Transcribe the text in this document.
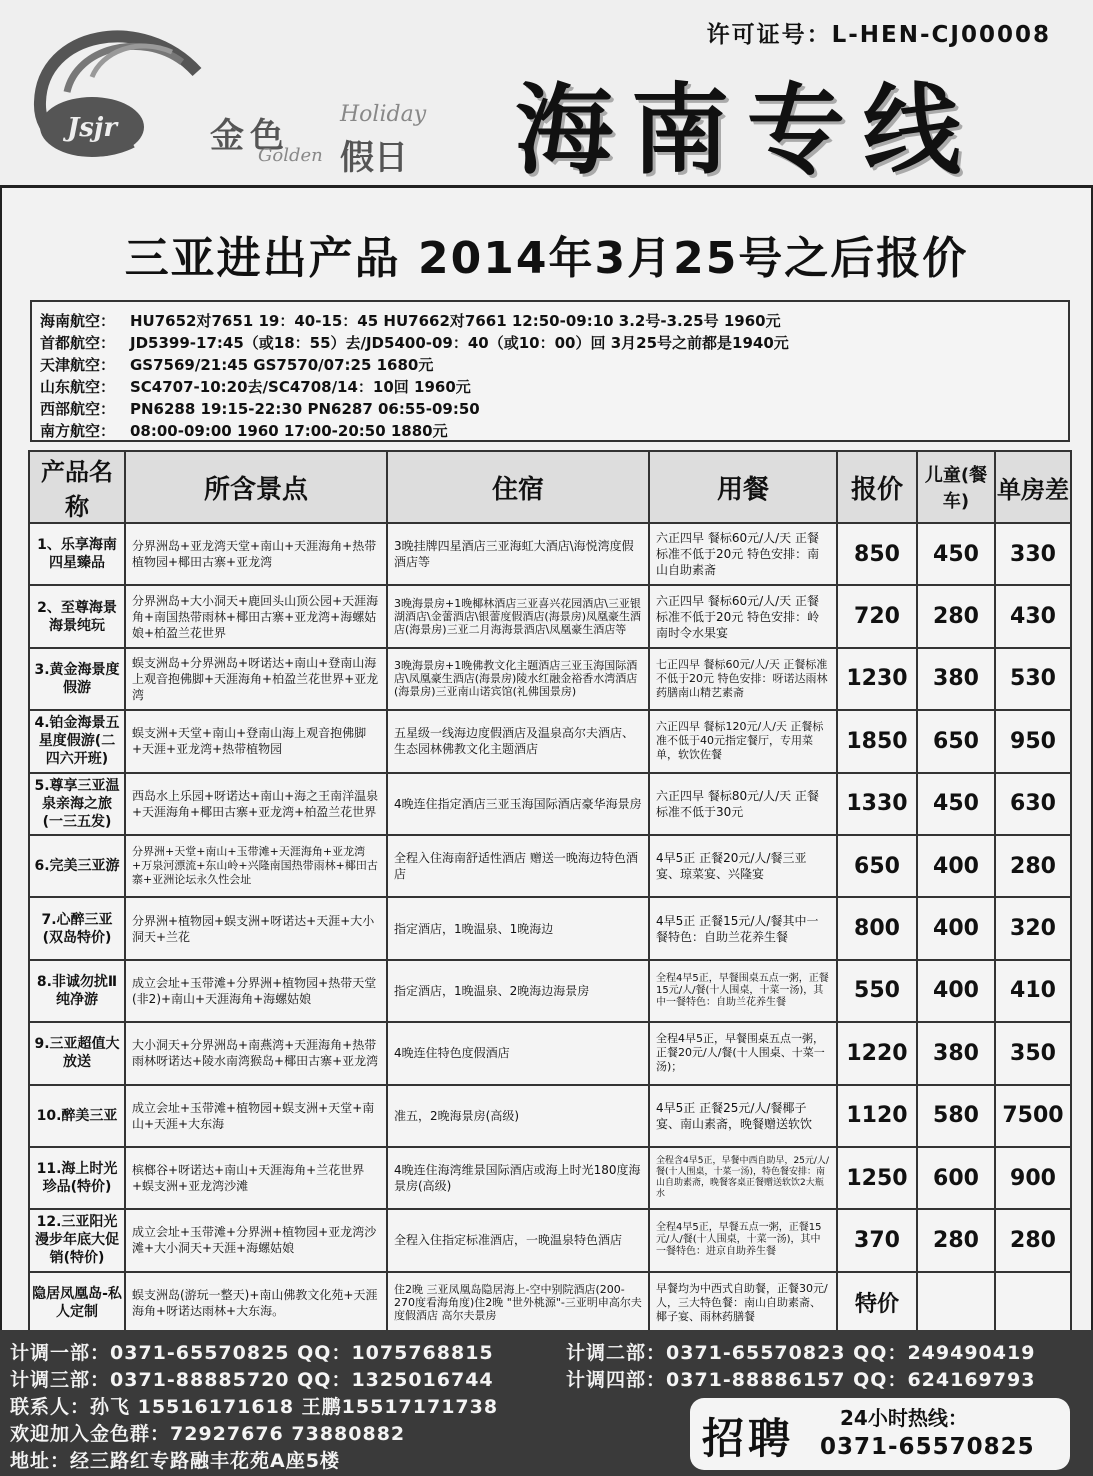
许可证号：L-HEN-CJ00008
Jsjr	金色
Holiday
Golden 假日 海南专线
三亚进出产品 2014年3月25号之后报价
海南航空： HU7652对7651 19：40-15：45 HU7662对7661 12:50-09:10 3.2号-3.25号 1960元
首都航空： JD5399-17:45（或18：55）去/JD5400-09：40（或10：00）回 3月25号之前都是1940元
天津航空： GS7569/21:45 GS7570/07:25 1680元
山东航空： SC4707-10:20去/SC4708/14：10回 1960元
西部航空： PN6288 19:15-22:30 PN6287 06:55-09:50
南方航空： 08:00-09:00 1960 17:00-20:50 1880元
产品名称	所含景点	住宿	用餐	报价	儿童(餐车)	单房差
1、乐享海南四星臻品	分界洲岛+亚龙湾天堂+南山+天涯海角+热带植物园+椰田古寨+亚龙湾	3晚挂牌四星酒店三亚海虹大酒店\海悦湾度假酒店等	六正四早 餐标60元/人/天 正餐标准不低于20元 特色安排：南山自助素斋	850	450	330
2、至尊海景海景纯玩	分界洲岛+大小洞天+鹿回头山顶公园+天涯海角+南国热带雨林+椰田古寨+亚龙湾+海螺姑娘+柏盈兰花世界	3晚海景房+1晚椰林酒店三亚喜兴花园酒店\三亚银湖酒店\金蕾酒店\银蕾度假酒店(海景房)凤凰豪生酒店(海景房)三亚二月海海景酒店\凤凰豪生酒店等	六正四早 餐标60元/人/天 正餐标准不低于20元 特色安排：岭南时令水果宴	720	280	430
3.黄金海景度假游	蜈支洲岛+分界洲岛+呀诺达+南山+登南山海上观音抱佛脚+天涯海角+柏盈兰花世界+亚龙湾	3晚海景房+1晚佛教文化主题酒店三亚玉海国际酒店\凤凰豪生酒店(海景房)陵水红融金裕香水湾酒店(海景房)三亚南山诺宾馆(礼佛国景房)	七正四早 餐标60元/人/天 正餐标准不低于20元 特色安排：呀诺达雨林药膳南山精艺素斋	1230	380	530
4.铂金海景五星度假游(二四六开班)	蜈支洲+天堂+南山+登南山海上观音抱佛脚+天涯+亚龙湾+热带植物园	五星级一线海边度假酒店及温泉高尔夫酒店、生态园林佛教文化主题酒店	六正四早 餐标120元/人/天 正餐标准不低于40元指定餐厅，专用菜单，软饮佐餐	1850	650	950
5.尊享三亚温泉亲海之旅(一三五发)	西岛水上乐园+呀诺达+南山+海之王南洋温泉+天涯海角+椰田古寨+亚龙湾+柏盈兰花世界	4晚连住指定酒店三亚玉海国际酒店豪华海景房	六正四早 餐标80元/人/天 正餐标准不低于30元	1330	450	630
6.完美三亚游	分界洲+天堂+南山+玉带滩+天涯海角+亚龙湾+万泉河漂流+东山岭+兴隆南国热带雨林+椰田古寨+亚洲论坛永久性会址	全程入住海南舒适性酒店 赠送一晚海边特色酒店	4早5正 正餐20元/人/餐三亚宴、琼菜宴、兴隆宴	650	400	280
7.心醉三亚(双岛特价)	分界洲+植物园+蜈支洲+呀诺达+天涯+大小洞天+兰花	指定酒店，1晚温泉、1晚海边	4早5正 正餐15元/人/餐其中一餐特色：自助兰花养生餐	800	400	320
8.非诚勿扰Ⅱ纯净游	成立会址+玉带滩+分界洲+植物园+热带天堂(非2)+南山+天涯海角+海螺姑娘	指定酒店，1晚温泉、2晚海边海景房	全程4早5正，早餐围桌五点一粥，正餐15元/人/餐(十人围桌，十菜一汤)，其中一餐特色：自助兰花养生餐	550	400	410
9.三亚超值大放送	大小洞天+分界洲岛+南燕湾+天涯海角+热带雨林呀诺达+陵水南湾猴岛+椰田古寨+亚龙湾	4晚连住特色度假酒店	全程4早5正，早餐围桌五点一粥，正餐20元/人/餐(十人围桌、十菜一汤)；	1220	380	350
10.醉美三亚	成立会址+玉带滩+植物园+蜈支洲+天堂+南山+天涯+大东海	准五，2晚海景房(高级)	4早5正 正餐25元/人/餐椰子宴、南山素斋，晚餐赠送软饮	1120	580	7500
11.海上时光珍品(特价)	槟榔谷+呀诺达+南山+天涯海角+兰花世界+蜈支洲+亚龙湾沙滩	4晚连住海湾维景国际酒店或海上时光180度海景房(高级)	全程含4早5正，早餐中西自助早，25元/人/餐(十人围桌，十菜一汤)，特色餐安排：南山自助素斋，晚餐客桌正餐赠送软饮2大瓶水	1250	600	900
12.三亚阳光漫步年底大促销(特价)	成立会址+玉带滩+分界洲+植物园+亚龙湾沙滩+大小洞天+天涯+海螺姑娘	全程入住指定标准酒店，一晚温泉特色酒店	全程4早5正，早餐五点一粥，正餐15元/人/餐(十人围桌，十菜一汤)，其中一餐特色：进京自助养生餐	370	280	280
隐居凤凰岛-私人定制	蜈支洲岛(游玩一整天)+南山佛教文化苑+天涯海角+呀诺达雨林+大东海。	住2晚 三亚凤凰岛隐居海上-空中别院酒店(200-270度看海角度)住2晚 "世外桃源"-三亚明申高尔夫度假酒店 高尔夫景房	早餐均为中西式自助餐，正餐30元/人，三大特色餐：南山自助素斋、椰子宴、雨林药膳餐	特价		
计调一部：0371-65570825 QQ：1075768815	计调二部：0371-65570823 QQ：249490419
计调三部：0371-88885720 QQ：1325016744	计调四部：0371-88886157 QQ：624169793
联系人：孙飞 15516171618 王鹏15517171738
欢迎加入金色群：72927676 73880882
地址：经三路红专路融丰花苑A座5楼	招聘 24小时热线：
0371-65570825
